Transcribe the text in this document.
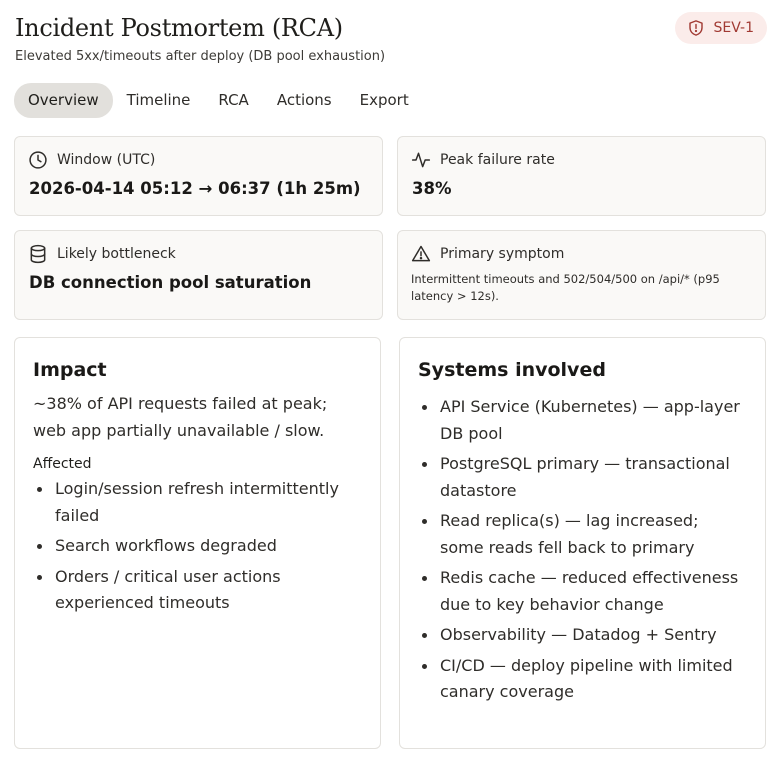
Incident Postmortem (RCA)
Elevated 5xx/timeouts after deploy (DB pool exhaustion)
SEV-1
Overview	Timeline	RCA	Actions	Export
Window (UTC)
2026-04-14 05:12 → 06:37 (1h 25m)
Peak failure rate
38%
Likely bottleneck
DB connection pool saturation
Primary symptom
Intermittent timeouts and 502/504/500 on /api/* (p95 latency > 12s).
Impact

~38% of API requests failed at peak; web app partially unavailable / slow.

Affected
Login/session refresh intermittently failed
Search workflows degraded
Orders / critical user actions experienced timeouts
Systems involved
API Service (Kubernetes) — app-layer DB pool
PostgreSQL primary — transactional datastore
Read replica(s) — lag increased; some reads fell back to primary
Redis cache — reduced effectiveness due to key behavior change
Observability — Datadog + Sentry
CI/CD — deploy pipeline with limited canary coverage
